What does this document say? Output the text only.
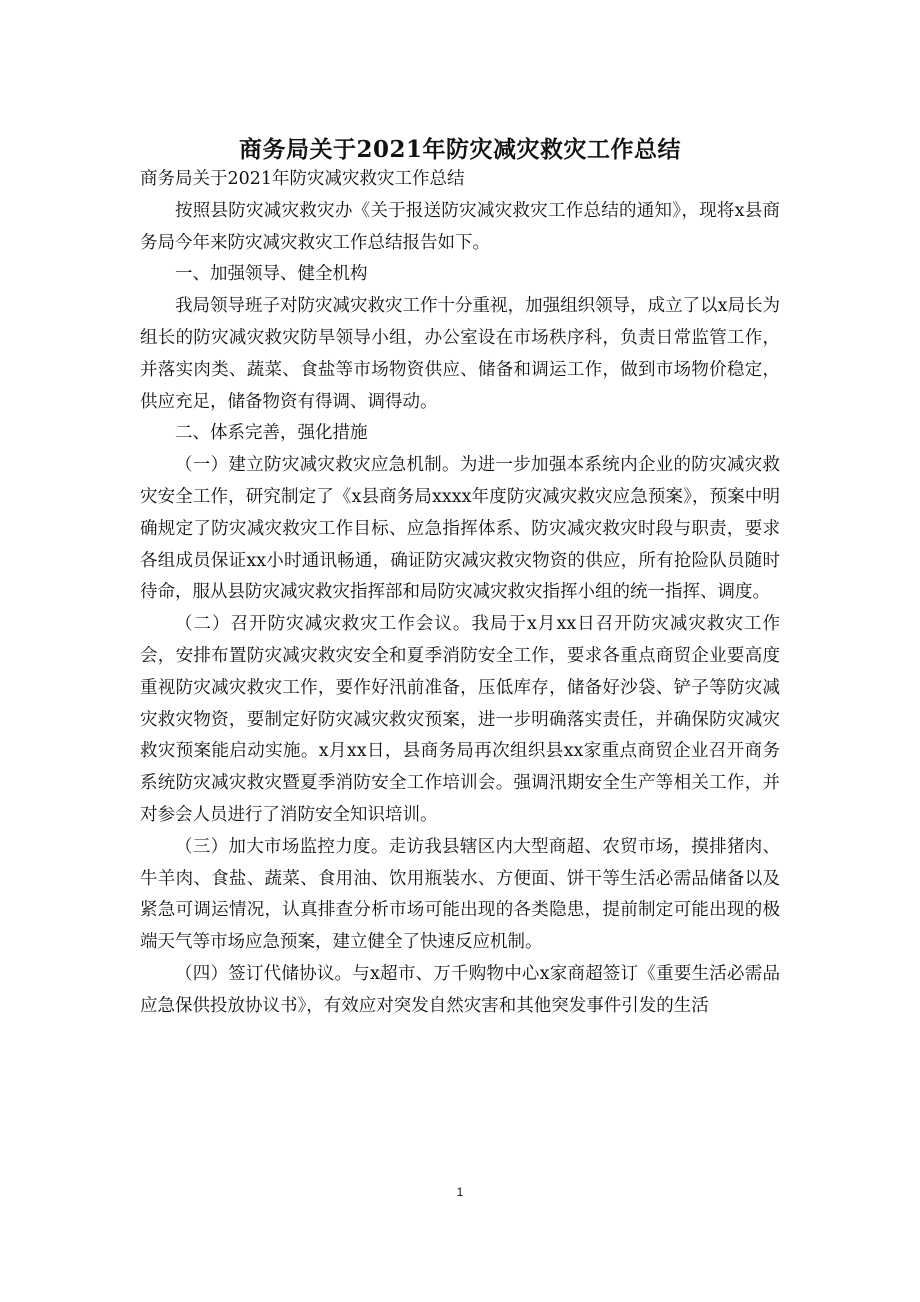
商务局关于2021年防灾减灾救灾工作总结

商务局关于2021年防灾减灾救灾工作总结

按照县防灾减灾救灾办《关于报送防灾减灾救灾工作总结的通知》，现将x县商务局今年来防灾减灾救灾工作总结报告如下。

一、加强领导、健全机构

我局领导班子对防灾减灾救灾工作十分重视，加强组织领导，成立了以x局长为组长的防灾减灾救灾防旱领导小组，办公室设在市场秩序科，负责日常监管工作，并落实肉类、蔬菜、食盐等市场物资供应、储备和调运工作，做到市场物价稳定，供应充足，储备物资有得调、调得动。

二、体系完善，强化措施

（一）建立防灾减灾救灾应急机制。为进一步加强本系统内企业的防灾减灾救灾安全工作，研究制定了《x县商务局xxxx年度防灾减灾救灾应急预案》，预案中明确规定了防灾减灾救灾工作目标、应急指挥体系、防灾减灾救灾时段与职责，要求各组成员保证xx小时通讯畅通，确证防灾减灾救灾物资的供应，所有抢险队员随时待命，服从县防灾减灾救灾指挥部和局防灾减灾救灾指挥小组的统一指挥、调度。

（二）召开防灾减灾救灾工作会议。我局于x月xx日召开防灾减灾救灾工作会，安排布置防灾减灾救灾安全和夏季消防安全工作，要求各重点商贸企业要高度重视防灾减灾救灾工作，要作好汛前准备，压低库存，储备好沙袋、铲子等防灾减灾救灾物资，要制定好防灾减灾救灾预案，进一步明确落实责任，并确保防灾减灾救灾预案能启动实施。x月xx日，县商务局再次组织县xx家重点商贸企业召开商务系统防灾减灾救灾暨夏季消防安全工作培训会。强调汛期安全生产等相关工作，并对参会人员进行了消防安全知识培训。

（三）加大市场监控力度。走访我县辖区内大型商超、农贸市场，摸排猪肉、牛羊肉、食盐、蔬菜、食用油、饮用瓶装水、方便面、饼干等生活必需品储备以及紧急可调运情况，认真排查分析市场可能出现的各类隐患，提前制定可能出现的极端天气等市场应急预案，建立健全了快速反应机制。

（四）签订代储协议。与x超市、万千购物中心x家商超签订《重要生活必需品应急保供投放协议书》，有效应对突发自然灾害和其他突发事件引发的生活

1
